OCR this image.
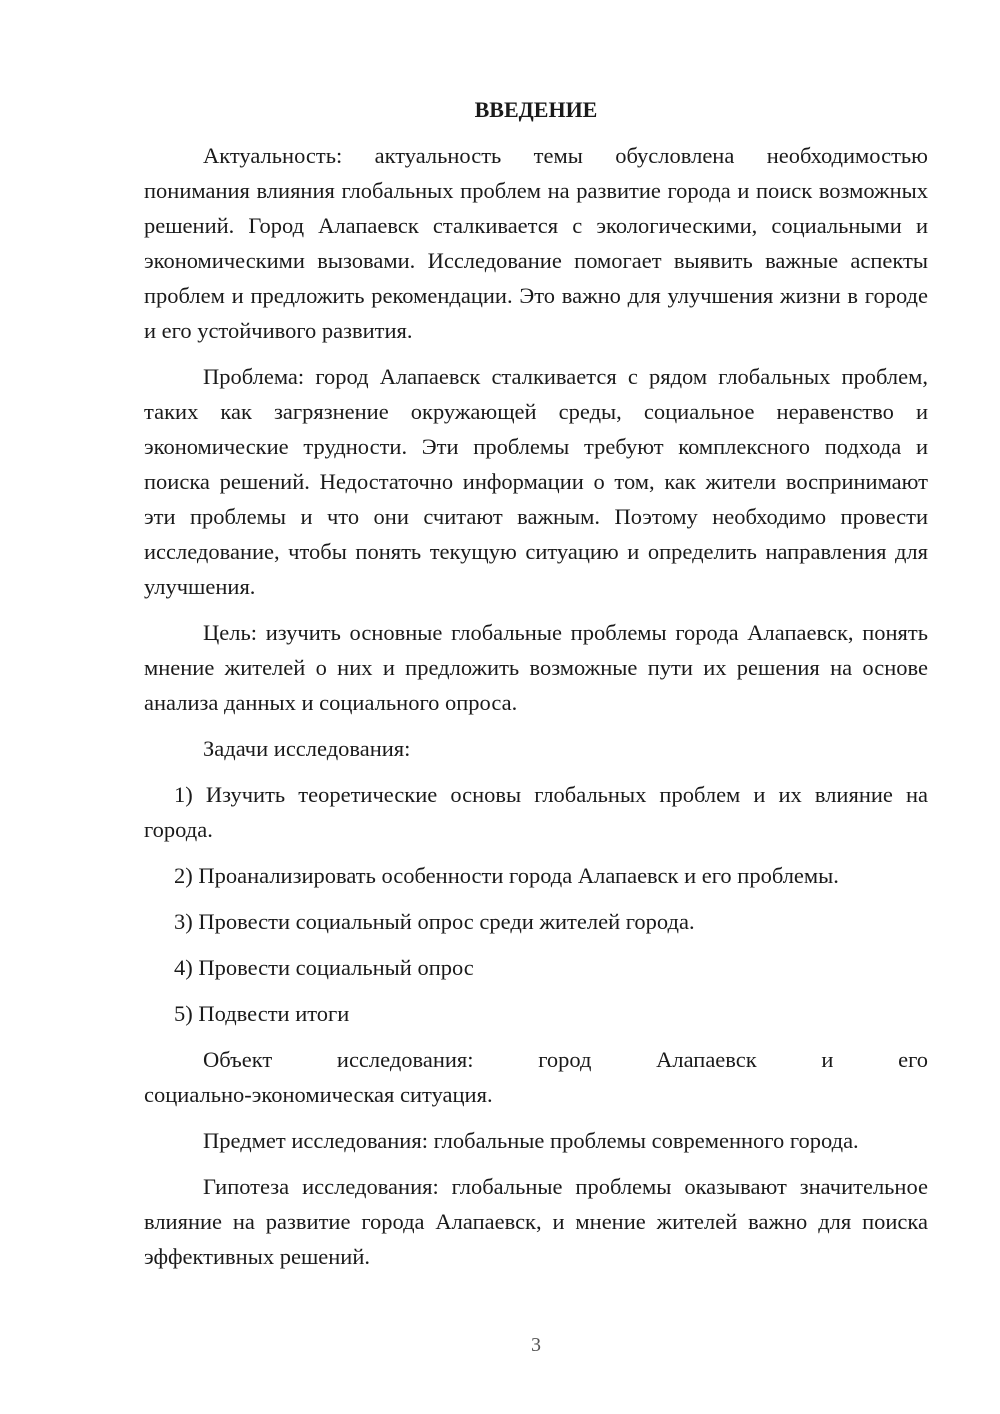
ВВЕДЕНИЕ

Актуальность: актуальность темы обусловлена необходимостью понимания влияния глобальных проблем на развитие города и поиск возможных решений. Город Алапаевск сталкивается с экологическими, социальными и экономическими вызовами. Исследование помогает выявить важные аспекты проблем и предложить рекомендации. Это важно для улучшения жизни в городе и его устойчивого развития.

Проблема: город Алапаевск сталкивается с рядом глобальных проблем, таких как загрязнение окружающей среды, социальное неравенство и экономические трудности. Эти проблемы требуют комплексного подхода и поиска решений. Недостаточно информации о том, как жители воспринимают эти проблемы и что они считают важным. Поэтому необходимо провести исследование, чтобы понять текущую ситуацию и определить направления для улучшения.

Цель: изучить основные глобальные проблемы города Алапаевск, понять мнение жителей о них и предложить возможные пути их решения на основе анализа данных и социального опроса.

Задачи исследования:

1) Изучить теоретические основы глобальных проблем и их влияние на города.

2) Проанализировать особенности города Алапаевск и его проблемы.

3) Провести социальный опрос среди жителей города.

4) Провести социальный опрос

5) Подвести итоги

Объект	исследования:	город	Алапаевск	и	его

социально-экономическая ситуация.

Предмет исследования: глобальные проблемы современного города.

Гипотеза исследования: глобальные проблемы оказывают значительное влияние на развитие города Алапаевск, и мнение жителей важно для поиска эффективных решений.

3
